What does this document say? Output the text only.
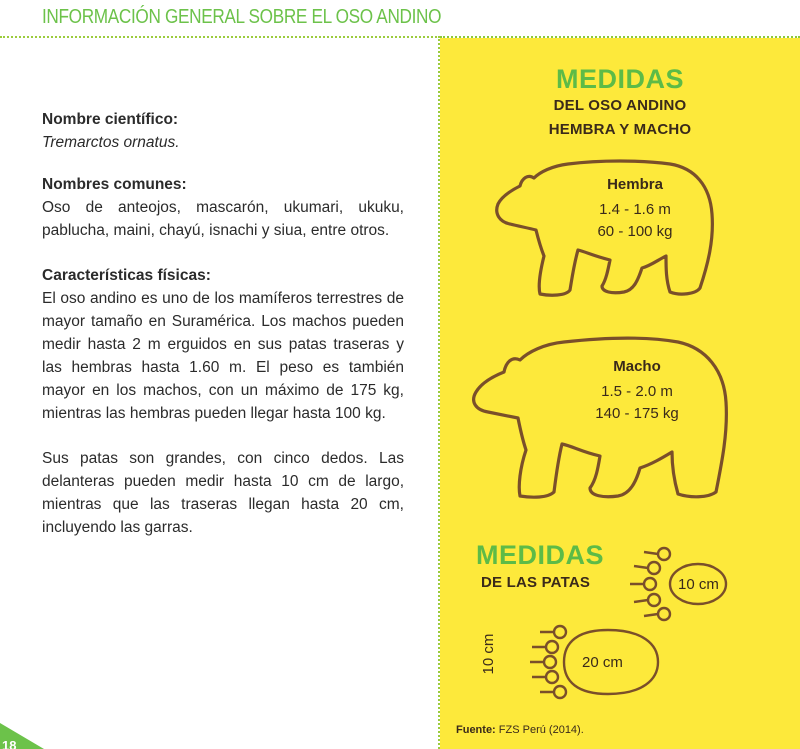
INFORMACIÓN GENERAL SOBRE EL OSO ANDINO
Nombre científico:
Tremarctos ornatus.
Nombres comunes:
Oso de anteojos, mascarón, ukumari, ukuku, pablucha, maini, chayú, isnachi y siua, entre otros.
Características físicas:
El oso andino es uno de los mamíferos terrestres de mayor tamaño en Suramérica. Los machos pueden medir hasta 2 m erguidos en sus patas traseras y las hembras hasta 1.60 m. El peso es también mayor en los machos, con un máximo de 175 kg, mientras las hembras pueden llegar hasta 100 kg.
Sus patas son grandes, con cinco dedos. Las delanteras pueden medir hasta 10 cm de largo, mientras que las traseras llegan hasta 20 cm, incluyendo las garras.
MEDIDAS
DEL OSO ANDINO
HEMBRA Y MACHO
Hembra
1.4 - 1.6 m
60 - 100 kg
Macho
1.5 - 2.0 m
140 - 175 kg
MEDIDAS
DE LAS PATAS	10 cm
20 cm
10 cm
Fuente: FZS Perú (2014).
18
